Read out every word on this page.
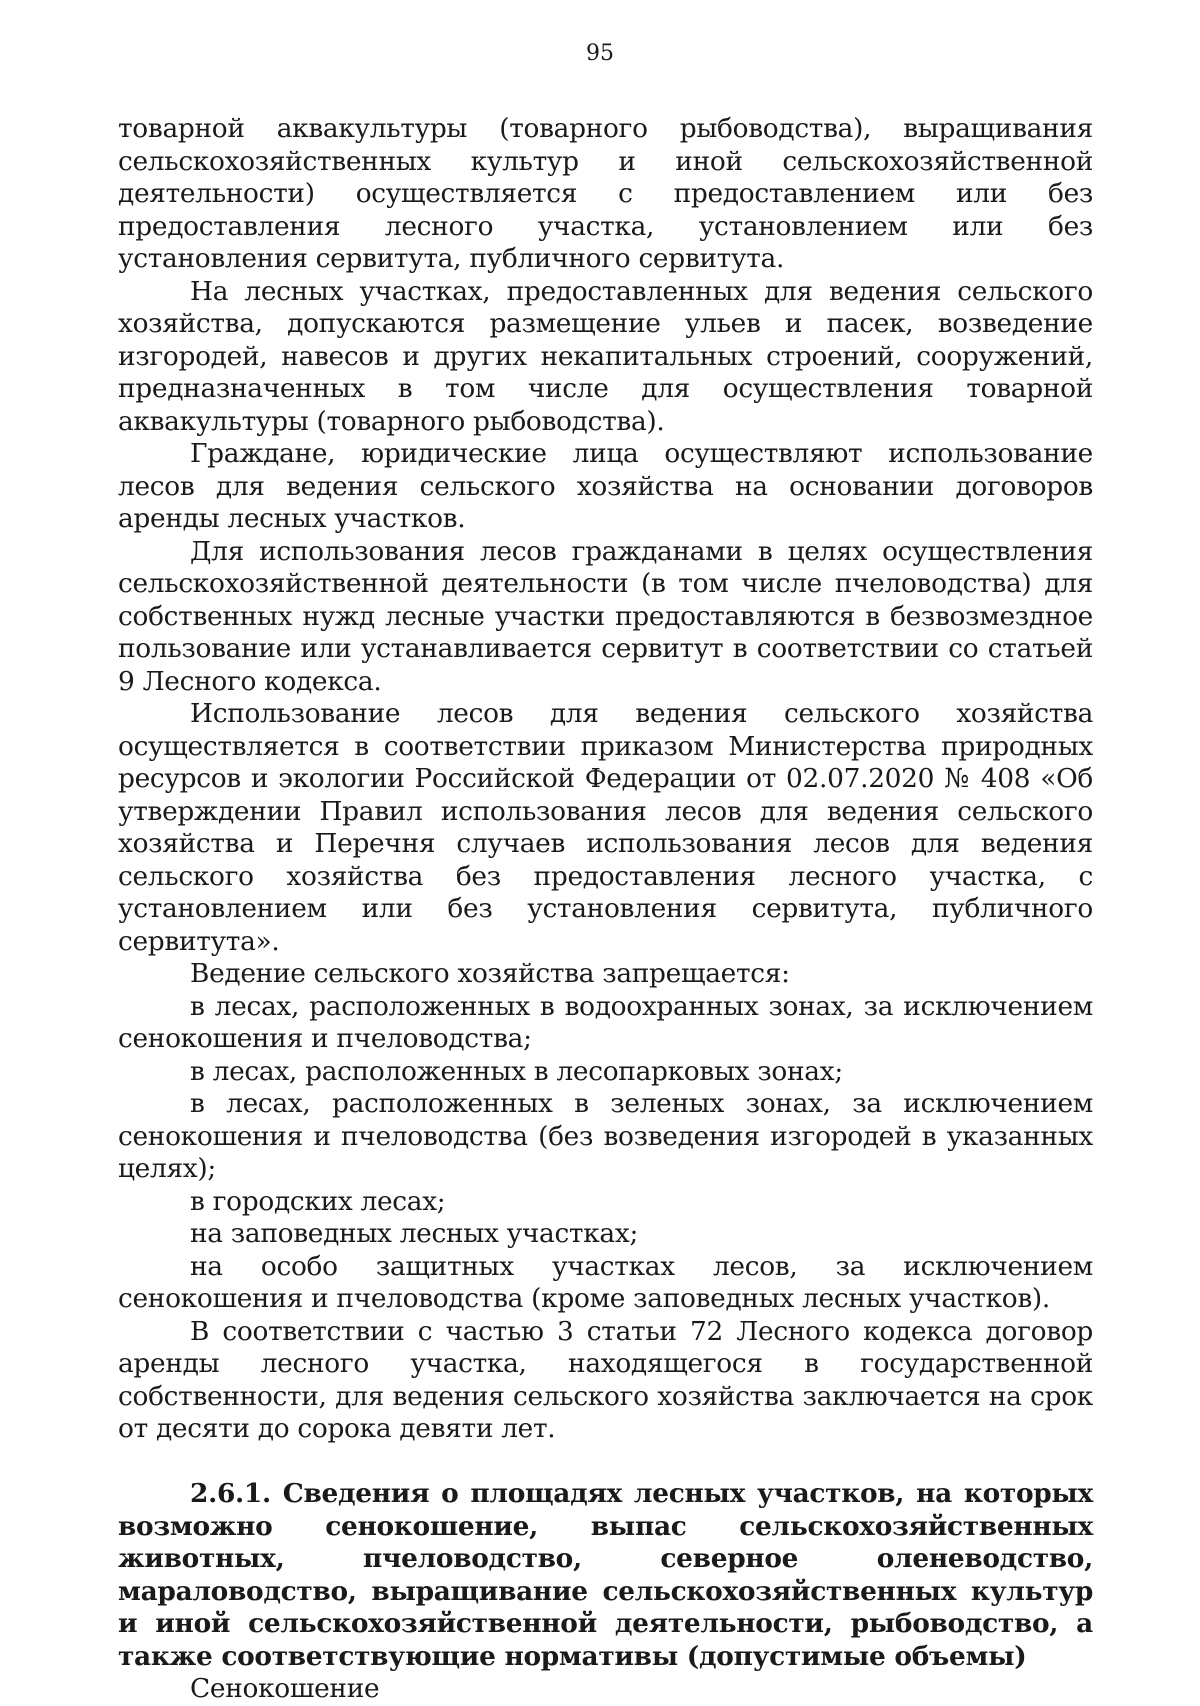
95

товарной аквакультуры (товарного рыбоводства), выращивания сельскохозяйственных культур и иной сельскохозяйственной деятельности) осуществляется с предоставлением или без предоставления лесного участка, установлением или без установления сервитута, публичного сервитута.

На лесных участках, предоставленных для ведения сельского хозяйства, допускаются размещение ульев и пасек, возведение изгородей, навесов и других некапитальных строений, сооружений, предназначенных в том числе для осуществления товарной аквакультуры (товарного рыбоводства).

Граждане, юридические лица осуществляют использование лесов для ведения сельского хозяйства на основании договоров аренды лесных участков.

Для использования лесов гражданами в целях осуществления сельскохозяйственной деятельности (в том числе пчеловодства) для собственных нужд лесные участки предоставляются в безвозмездное пользование или устанавливается сервитут в соответствии со статьей 9 Лесного кодекса.

Использование лесов для ведения сельского хозяйства осуществляется в соответствии приказом Министерства природных ресурсов и экологии Российской Федерации от 02.07.2020 № 408 «Об утверждении Правил использования лесов для ведения сельского хозяйства и Перечня случаев использования лесов для ведения сельского хозяйства без предоставления лесного участка, с установлением или без установления сервитута, публичного сервитута».

Ведение сельского хозяйства запрещается:

в лесах, расположенных в водоохранных зонах, за исключением сенокошения и пчеловодства;

в лесах, расположенных в лесопарковых зонах;

в лесах, расположенных в зеленых зонах, за исключением сенокошения и пчеловодства (без возведения изгородей в указанных целях);

в городских лесах;

на заповедных лесных участках;

на особо защитных участках лесов, за исключением сенокошения и пчеловодства (кроме заповедных лесных участков).

В соответствии с частью 3 статьи 72 Лесного кодекса договор аренды лесного участка, находящегося в государственной собственности, для ведения сельского хозяйства заключается на срок от десяти до сорока девяти лет.

2.6.1. Сведения о площадях лесных участков, на которых возможно сенокошение, выпас сельскохозяйственных животных, пчеловодство, северное оленеводство, мараловодство, выращивание сельскохозяйственных культур и иной сельскохозяйственной деятельности, рыбоводство, а также соответствующие нормативы (допустимые объемы)

Сенокошение
